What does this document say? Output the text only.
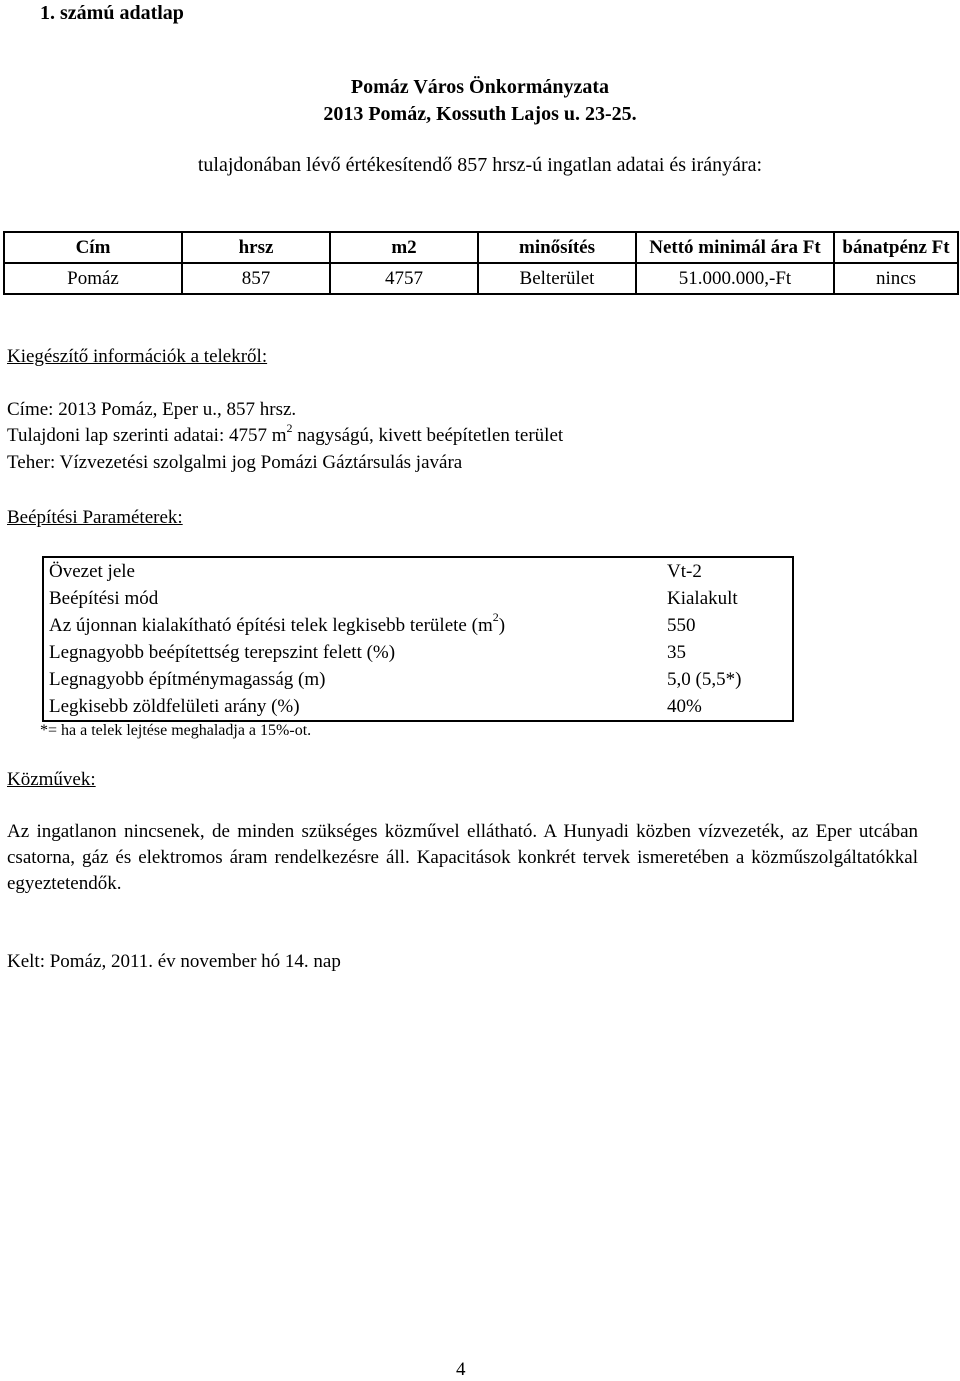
1. számú adatlap
Pomáz Város Önkormányzata
2013 Pomáz, Kossuth Lajos u. 23-25.
tulajdonában lévő értékesítendő 857 hrsz-ú ingatlan adatai és irányára:
Cím	hrsz	m2	minősítés	Nettó minimál ára Ft	bánatpénz Ft
Pomáz	857	4757	Belterület	51.000.000,-Ft	nincs
Kiegészítő információk a telekről:
Címe: 2013 Pomáz, Eper u., 857 hrsz.
Tulajdoni lap szerinti adatai: 4757 $m^2$ nagyságú, kivett beépítetlen terület
Teher: Vízvezetési szolgalmi jog Pomázi Gáztársulás javára
Beépítési Paraméterek:
Övezet jele	Vt-2
Beépítési mód	Kialakult
Az újonnan kialakítható építési telek legkisebb területe $(m^2)$	550
Legnagyobb beépítettség terepszint felett (%)	35
Legnagyobb építménymagasság (m)	5,0 (5,5*)
Legkisebb zöldfelületi arány (%)	40%
*= ha a telek lejtése meghaladja a 15%-ot.
Közművek:
Az ingatlanon nincsenek, de minden szükséges közművel ellátható. A Hunyadi közben vízvezeték, az Eper utcában csatorna, gáz és elektromos áram rendelkezésre áll. Kapacitások konkrét tervek ismeretében a közműszolgáltatókkal egyeztetendők.
Kelt: Pomáz, 2011. év november hó 14. nap
4
